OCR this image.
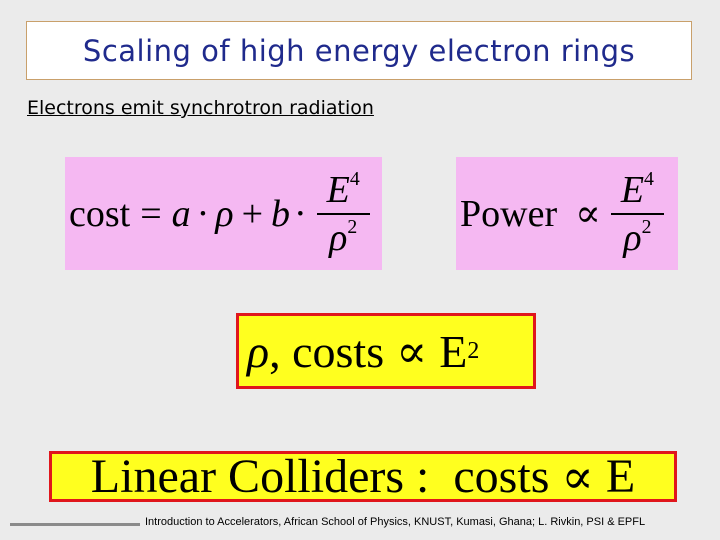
Scaling of high energy electron rings
Electrons emit synchrotron radiation
$\cos t = a \cdot \rho + b \cdot \frac{E^4}{\rho^2}$ Power ∝ $\frac{E^4}{\rho^2}$
ρ , costs ∝ E 2
Linear Colliders :  costs ∝ E
Introduction to Accelerators, African School of Physics, KNUST, Kumasi, Ghana; L. Rivkin, PSI & EPFL
